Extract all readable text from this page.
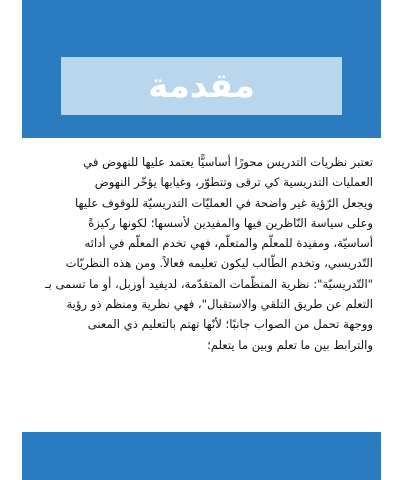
مقدمة
تعتبر نظريات التدريس محورًا أساسيًّا يعتمد عليها للنهوض في
العمليات التدريسية كي ترقى وتتطوّر، وغيابها يؤخّر النهوض
ويجعل الرّؤية غير واضحة في العمليّات التدريسيّة للوقوف عليها
وعلى سياسة النّاظرين فيها والمفيدين لأسسها؛ لكونها ركيزةً
أساسيّة، ومفيدة للمعلّم والمتعلّم، فهي تخدم المعلّم في أدائه
التّدريسي، وتخدم الطّالب ليكون تعليمه فعالاً. ومن هذه النظريّات
"التّدريسيّة": نظرية المنظّمات المتقدّمة، لديفيد أوزبل، أو ما تسمى بـ
التعلم عن طريق التلقي والاستقبال"، فهي نظرية ومنظم ذو رؤية
ووجهة تحمل من الصواب جانبًا؛ لأنّها تهتم بالتعليم ذي المعنى
والترابط بين ما تعلم وبين ما يتعلم؛
